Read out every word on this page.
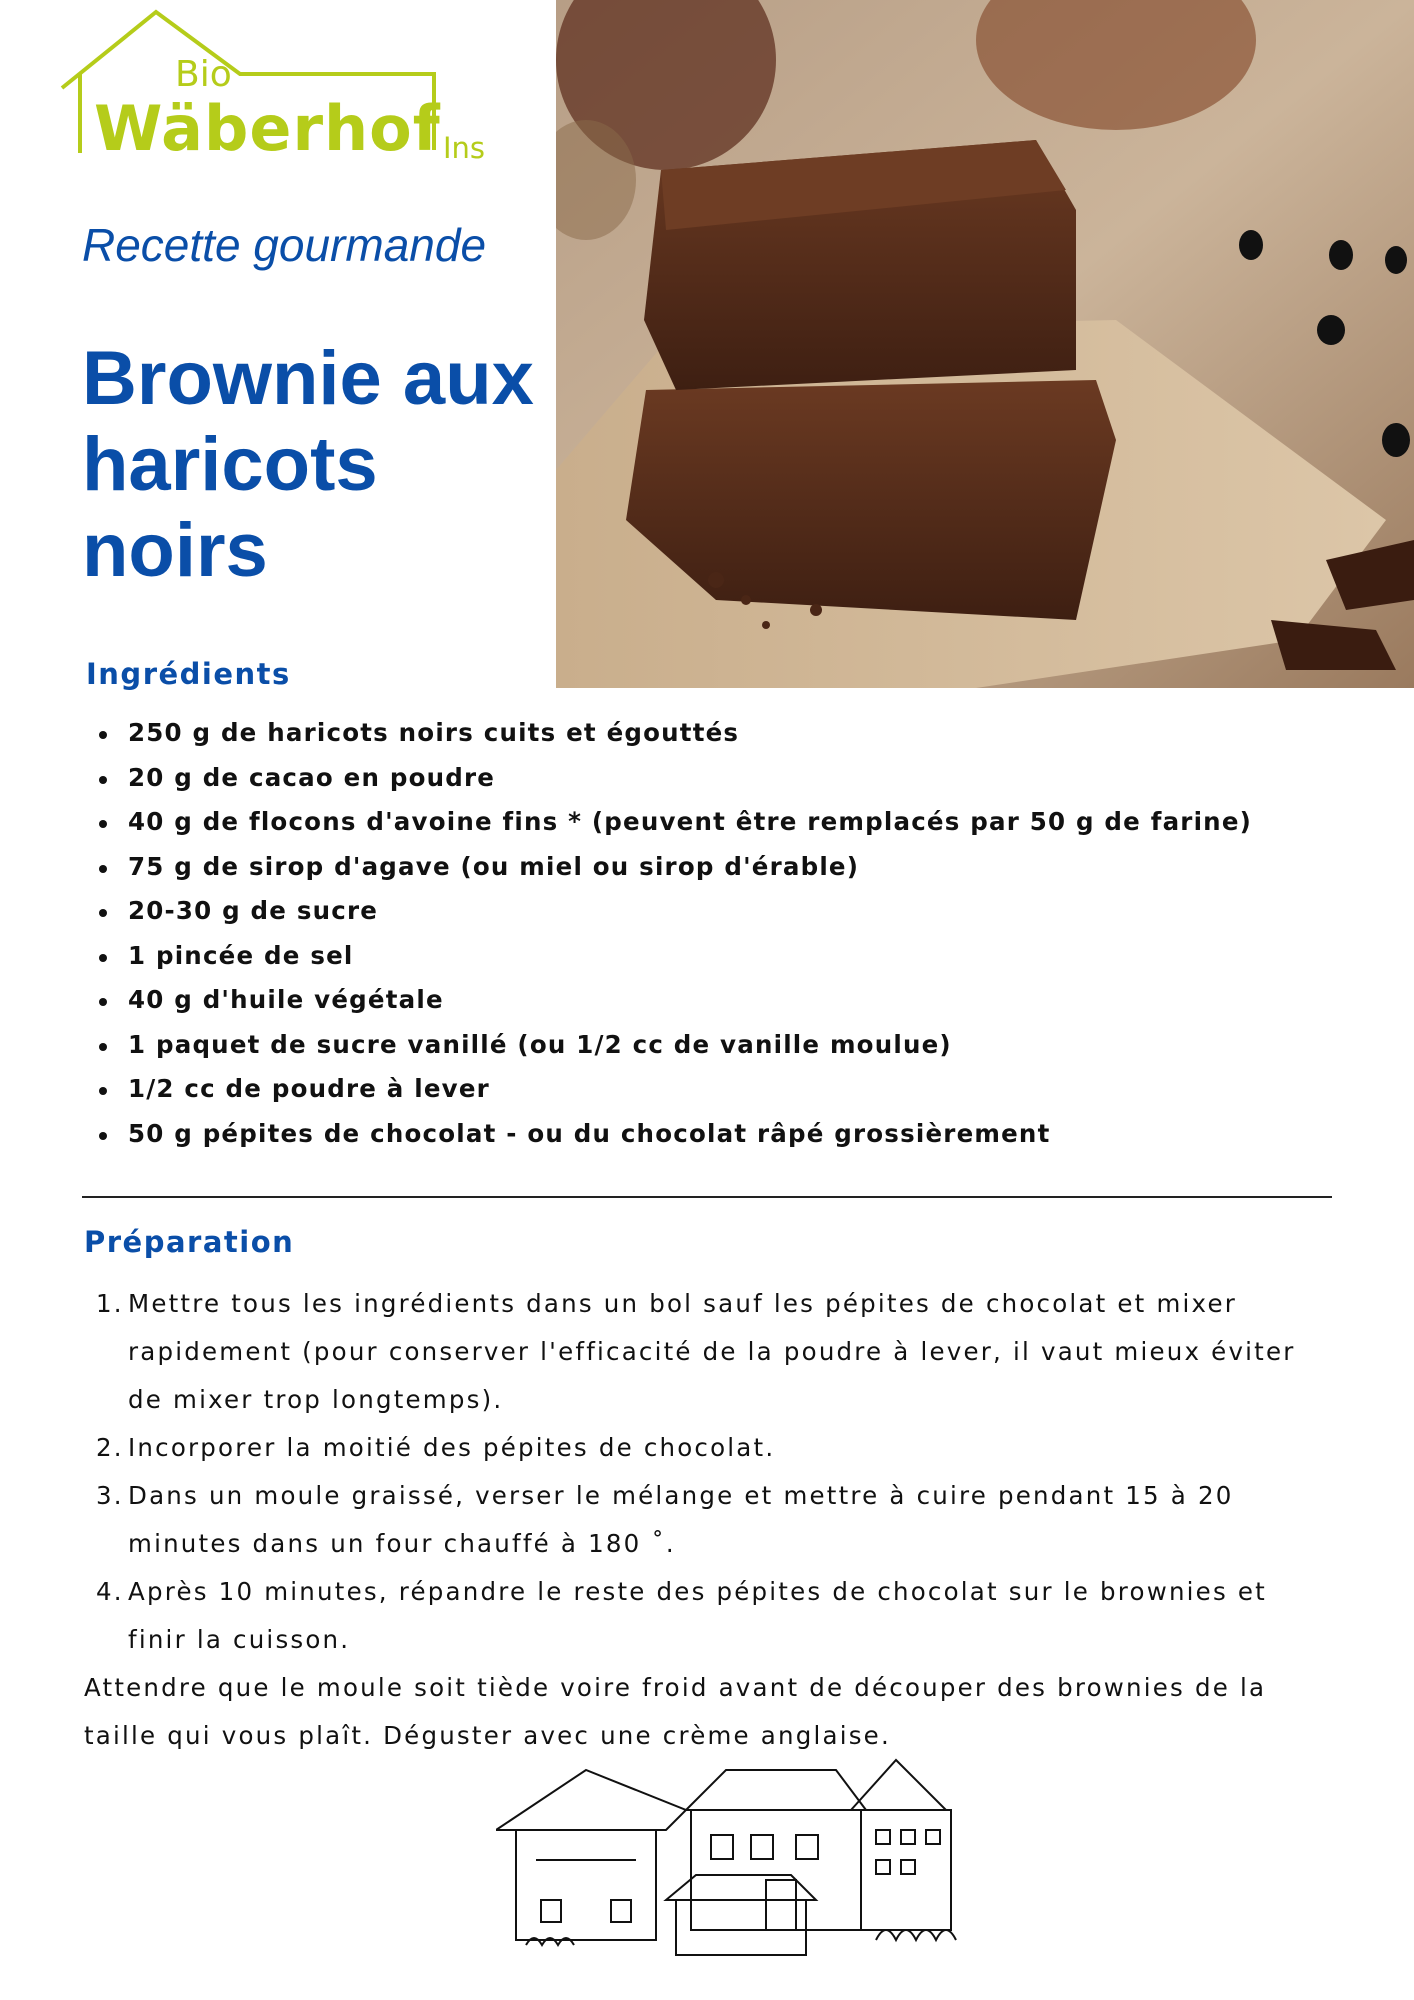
Bio
Wäberhof Ins
Recette gourmande
Brownie aux haricots noirs
Ingrédients
250 g de haricots noirs cuits et égouttés
20 g de cacao en poudre
40 g de flocons d'avoine fins * (peuvent être remplacés par 50 g de farine)
75 g de sirop d'agave (ou miel ou sirop d'érable)
20-30 g de sucre
1 pincée de sel
40 g d'huile végétale
1 paquet de sucre vanillé (ou 1/2 cc de vanille moulue)
1/2 cc de poudre à lever
50 g pépites de chocolat - ou du chocolat râpé grossièrement
Préparation
1. Mettre tous les ingrédients dans un bol sauf les pépites de chocolat et mixer rapidement (pour conserver l'efficacité de la poudre à lever, il vaut mieux éviter de mixer trop longtemps).
2. Incorporer la moitié des pépites de chocolat.
3. Dans un moule graissé, verser le mélange et mettre à cuire pendant 15 à 20 minutes dans un four chauffé à 180 ˚.
4. Après 10 minutes, répandre le reste des pépites de chocolat sur le brownies et finir la cuisson.

Attendre que le moule soit tiède voire froid avant de découper des brownies de la taille qui vous plaît. Déguster avec une crème anglaise.
